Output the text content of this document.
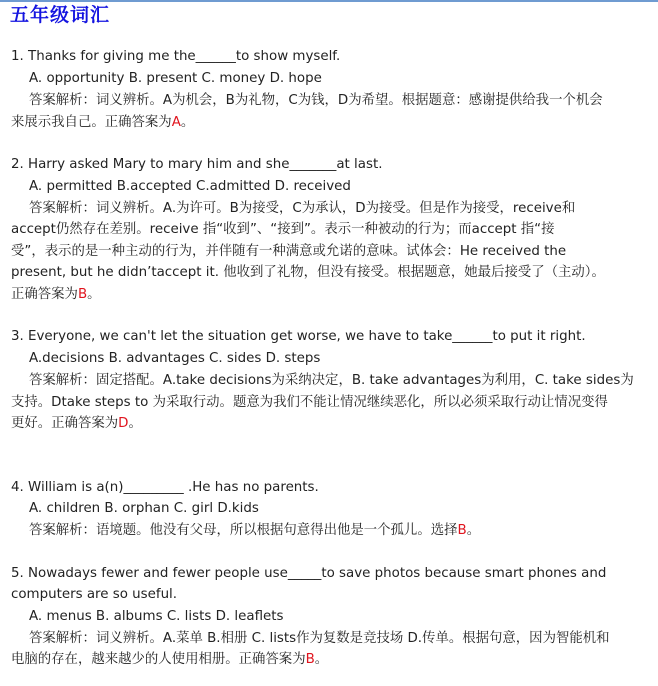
五年级词汇
1. Thanks for giving me the______to show myself.
A. opportunity B. present C. money D. hope
答案解析：词义辨析。A为机会，B为礼物，C为钱，D为希望。根据题意：感谢提供给我一个机会
来展示我自己。正确答案为A。
2. Harry asked Mary to mary him and she_______at last.
A. permitted B.accepted C.admitted D. received
答案解析：词义辨析。A.为许可。B为接受，C为承认，D为接受。但是作为接受，receive和
accept仍然存在差别。receive 指“收到”、“接到”。表示一种被动的行为；而accept 指“接
受”，表示的是一种主动的行为，并伴随有一种满意或允诺的意味。试体会：He received the
present, but he didn’taccept it. 他收到了礼物，但没有接受。根据题意，她最后接受了（主动）。
正确答案为B。
3. Everyone, we can't let the situation get worse, we have to take______to put it right.
A.decisions B. advantages C. sides D. steps
答案解析：固定搭配。A.take decisions为采纳决定，B. take advantages为利用，C. take sides为
支持。Dtake steps to 为采取行动。题意为我们不能让情况继续恶化，所以必须采取行动让情况变得
更好。正确答案为D。
4. William is a(n)_________ .He has no parents.
A. children B. orphan C. girl D.kids
答案解析：语境题。他没有父母，所以根据句意得出他是一个孤儿。选择B。
5. Nowadays fewer and fewer people use_____to save photos because smart phones and
computers are so useful.
A. menus B. albums C. lists D. leaflets
答案解析：词义辨析。A.菜单 B.相册 C. lists作为复数是竞技场 D.传单。根据句意，因为智能机和
电脑的存在，越来越少的人使用相册。正确答案为B。
